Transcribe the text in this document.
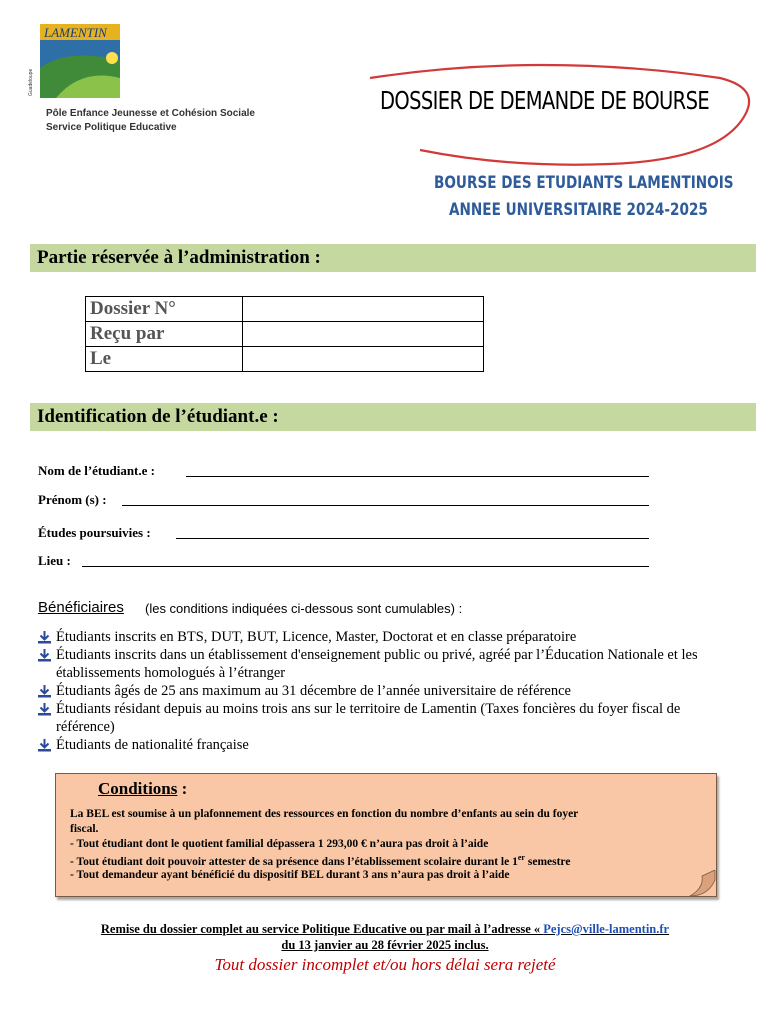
LAMENTIN
Guadeloupe
Pôle Enfance Jeunesse et Cohésion Sociale
Service Politique Educative
DOSSIER DE DEMANDE DE BOURSE
BOURSE DES ETUDIANTS LAMENTINOIS
ANNEE UNIVERSITAIRE 2024-2025
Partie réservée à l’administration :
Dossier N°	
Reçu par	
Le	
Identification de l’étudiant.e :
Nom de l’étudiant.e :
Prénom (s) :
Études poursuivies :
Lieu :
Bénéficiaires (les conditions indiquées ci-dessous sont cumulables) :
Étudiants inscrits en BTS, DUT, BUT, Licence, Master, Doctorat et en classe préparatoire
Étudiants inscrits dans un établissement d'enseignement public ou privé, agréé par l’Éducation Nationale et les établissements homologués à l’étranger
Étudiants âgés de 25 ans maximum au 31 décembre de l’année universitaire de référence
Étudiants résidant depuis au moins trois ans sur le territoire de Lamentin (Taxes foncières du foyer fiscal de référence)
Étudiants de nationalité française
Conditions :
La BEL est soumise à un plafonnement des ressources en fonction du nombre d’enfants au sein du foyer
fiscal.
- Tout étudiant dont le quotient familial dépassera 1 293,00 € n’aura pas droit à l’aide
- Tout étudiant doit pouvoir attester de sa présence dans l’établissement scolaire durant le 1er semestre
- Tout demandeur ayant bénéficié du dispositif BEL durant 3 ans n’aura pas droit à l’aide
Remise du dossier complet au service Politique Educative ou par mail à l’adresse « Pejcs@ville-lamentin.fr
du 13 janvier au 28 février 2025 inclus.
Tout dossier incomplet et/ou hors délai sera rejeté
